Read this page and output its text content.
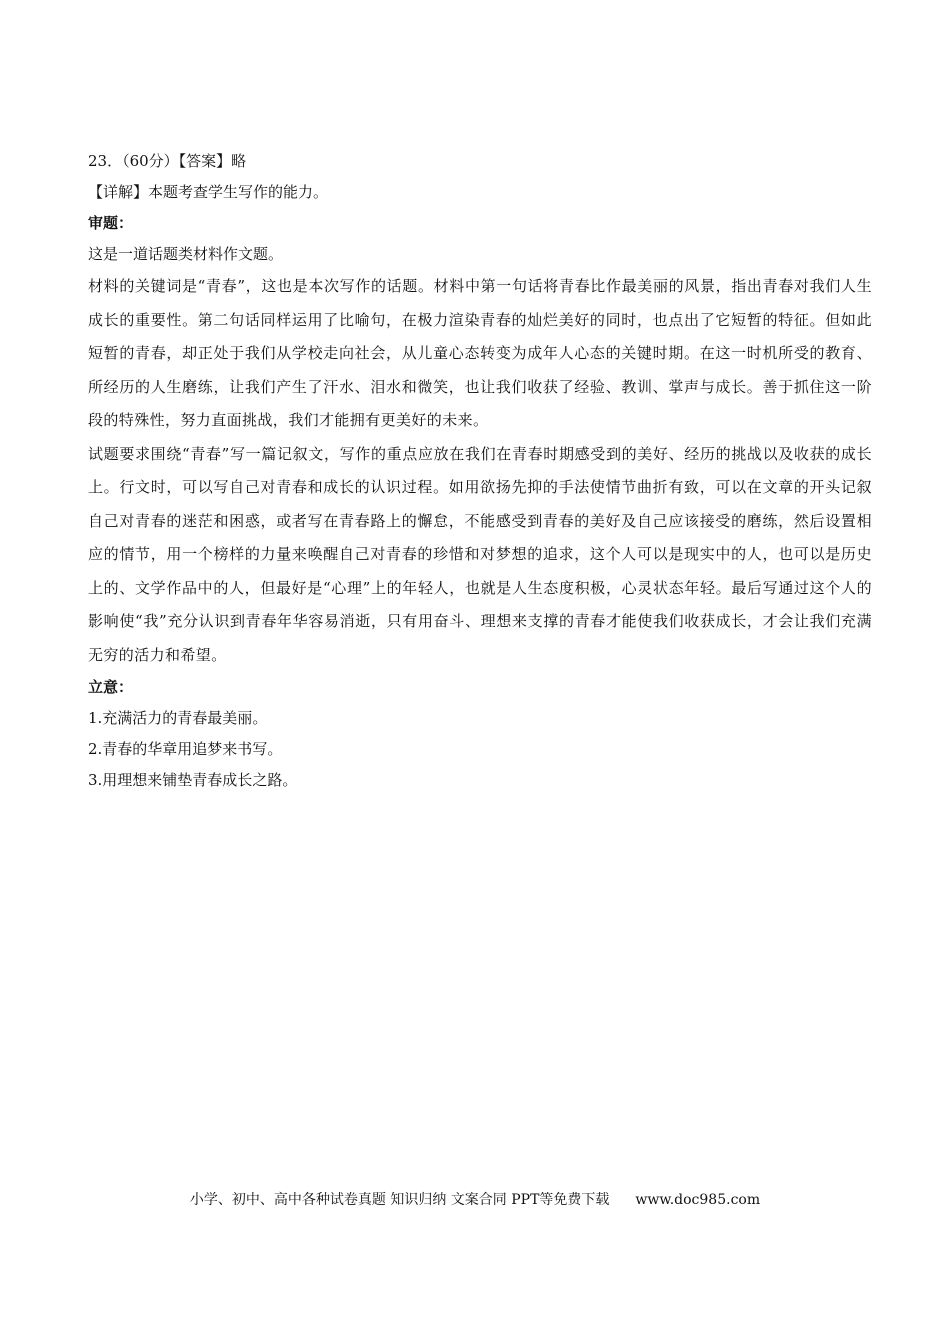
23．（60分）【答案】略

【详解】本题考查学生写作的能力。

审题：

这是一道话题类材料作文题。

材料的关键词是“青春”，这也是本次写作的话题。材料中第一句话将青春比作最美丽的风景，指出青春对我们人生成长的重要性。第二句话同样运用了比喻句，在极力渲染青春的灿烂美好的同时，也点出了它短暂的特征。但如此短暂的青春，却正处于我们从学校走向社会，从儿童心态转变为成年人心态的关键时期。在这一时机所受的教育、所经历的人生磨练，让我们产生了汗水、泪水和微笑，也让我们收获了经验、教训、掌声与成长。善于抓住这一阶段的特殊性，努力直面挑战，我们才能拥有更美好的未来。

试题要求围绕“青春”写一篇记叙文，写作的重点应放在我们在青春时期感受到的美好、经历的挑战以及收获的成长上。行文时，可以写自己对青春和成长的认识过程。如用欲扬先抑的手法使情节曲折有致，可以在文章的开头记叙自己对青春的迷茫和困惑，或者写在青春路上的懈怠，不能感受到青春的美好及自己应该接受的磨练，然后设置相应的情节，用一个榜样的力量来唤醒自己对青春的珍惜和对梦想的追求，这个人可以是现实中的人，也可以是历史上的、文学作品中的人，但最好是“心理”上的年轻人，也就是人生态度积极，心灵状态年轻。最后写通过这个人的影响使“我”充分认识到青春年华容易消逝，只有用奋斗、理想来支撑的青春才能使我们收获成长，才会让我们充满无穷的活力和希望。

立意：

1.充满活力的青春最美丽。

2.青春的华章用追梦来书写。

3.用理想来铺垫青春成长之路。

小学、初中、高中各种试卷真题 知识归纳 文案合同 PPT等免费下载 www.doc985.com
